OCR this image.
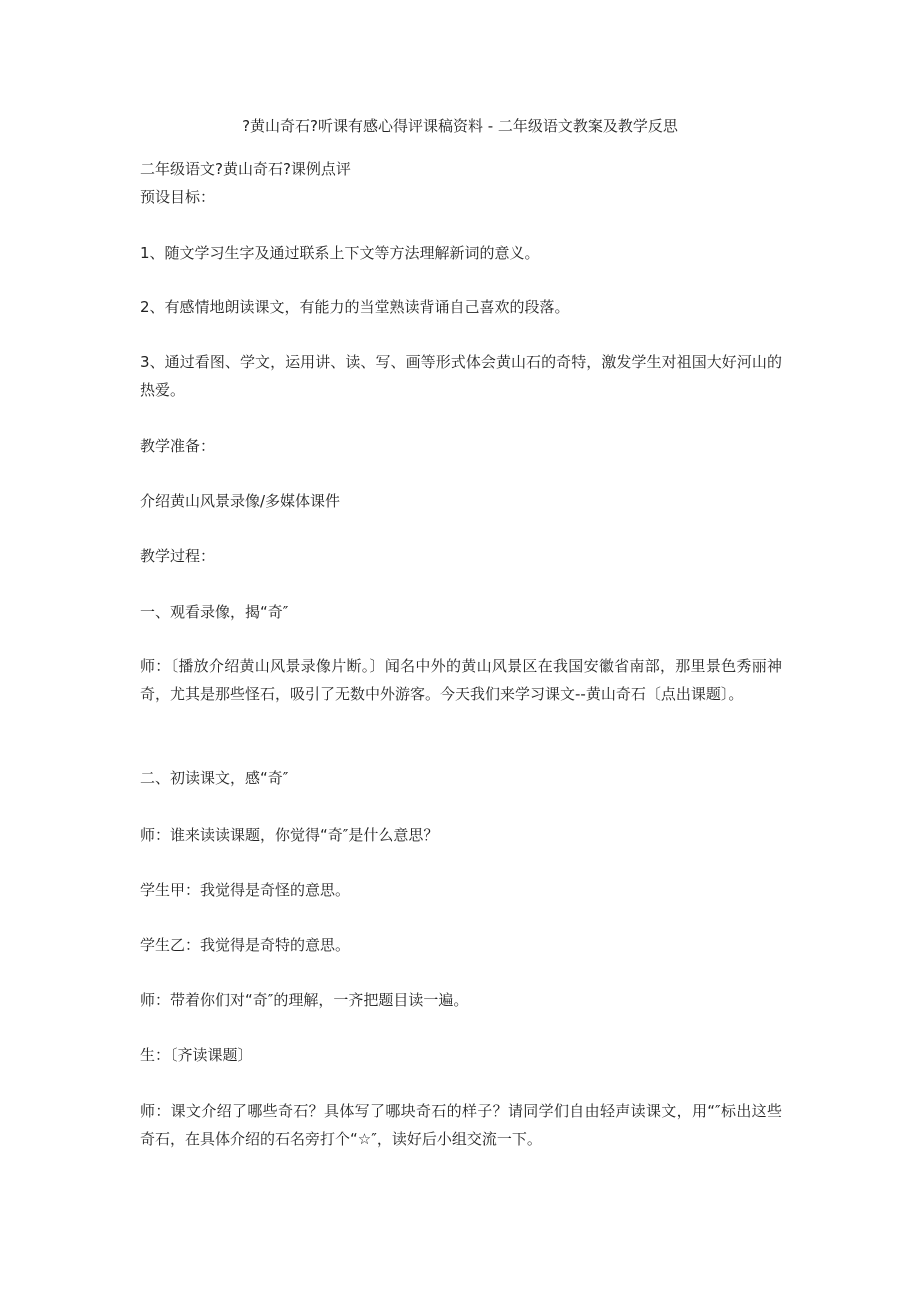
?黄山奇石?听课有感心得评课稿资料 - 二年级语文教案及教学反思
二年级语文?黄山奇石?课例点评
预设目标：
1、随文学习生字及通过联系上下文等方法理解新词的意义。
2、有感情地朗读课文，有能力的当堂熟读背诵自己喜欢的段落。
3、通过看图、学文，运用讲、读、写、画等形式体会黄山石的奇特，激发学生对祖国大好河山的热爱。
教学准备：
介绍黄山风景录像/多媒体课件
教学过程：
一、观看录像，揭“奇″
师：〔播放介绍黄山风景录像片断。〕闻名中外的黄山风景区在我国安徽省南部，那里景色秀丽神奇，尤其是那些怪石，吸引了无数中外游客。今天我们来学习课文--黄山奇石〔点出课题〕。
二、初读课文，感“奇″
师：谁来读读课题，你觉得“奇″是什么意思？
学生甲：我觉得是奇怪的意思。
学生乙：我觉得是奇特的意思。
师：带着你们对“奇″的理解，一齐把题目读一遍。
生：〔齐读课题〕
师：课文介绍了哪些奇石？具体写了哪块奇石的样子？请同学们自由轻声读课文，用“″标出这些奇石，在具体介绍的石名旁打个“☆″，读好后小组交流一下。
